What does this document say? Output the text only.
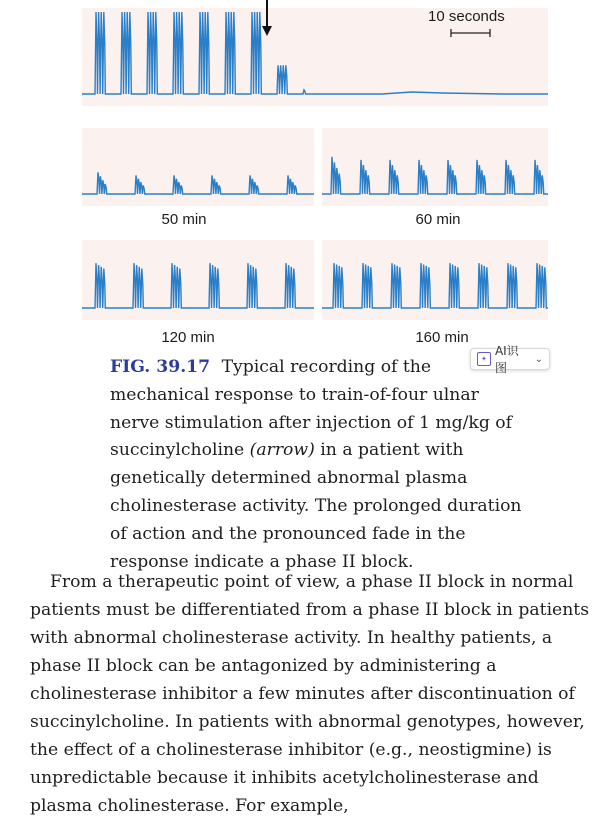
10 seconds
50 min	60 min
120 min	160 min
✦
AI识图
⌄
FIG. 39.17 Typical recording of the mechanical response to train-of-four ulnar nerve stimulation after injection of 1 mg/kg of succinylcholine (arrow) in a patient with genetically determined abnormal plasma cholinesterase activity. The prolonged duration of action and the pronounced fade in the response indicate a phase II block.

From a therapeutic point of view, a phase II block in normal patients must be differentiated from a phase II block in patients with abnormal cholinesterase activity. In healthy patients, a phase II block can be antagonized by administering a cholinesterase inhibitor a few minutes after discontinuation of succinylcholine. In patients with abnormal genotypes, however, the effect of a cholinesterase inhibitor (e.g., neostigmine) is unpredictable because it inhibits acetylcholinesterase and plasma cholinesterase. For example,
